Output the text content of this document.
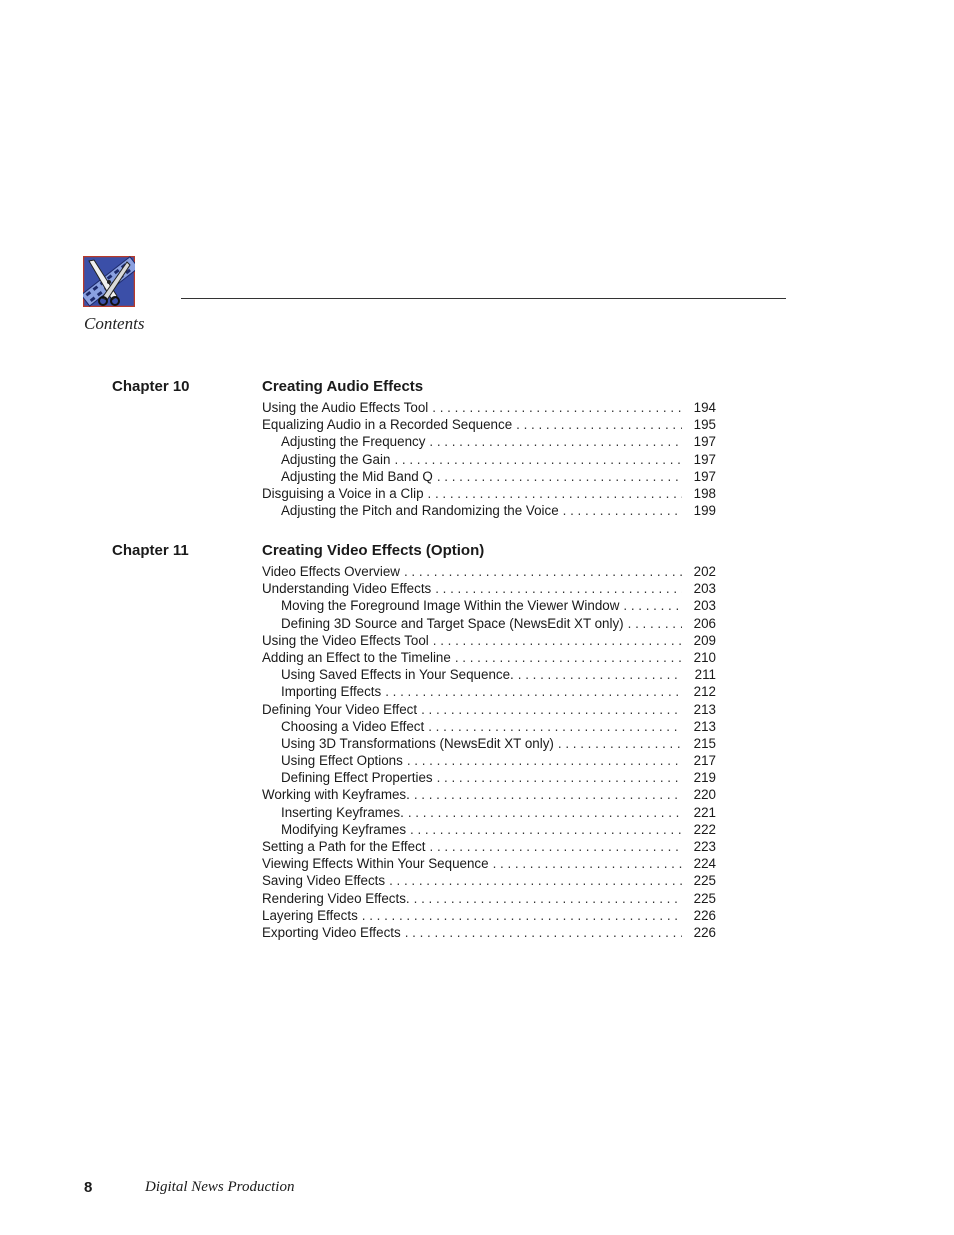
Contents
Chapter 10	Creating Audio Effects
Using the Audio Effects Tool . . .	194
Equalizing Audio in a Recorded Sequence . . .	195
Adjusting the Frequency . . .	197
Adjusting the Gain . . .	197
Adjusting the Mid Band Q . . .	197
Disguising a Voice in a Clip . . .	198
Adjusting the Pitch and Randomizing the Voice . . .	199
Chapter 11	Creating Video Effects (Option)
Video Effects Overview . . .	202
Understanding Video Effects . . .	203
Moving the Foreground Image Within the Viewer Window . . .	203
Defining 3D Source and Target Space (NewsEdit XT only) . . .	206
Using the Video Effects Tool . . .	209
Adding an Effect to the Timeline . . .	210
Using Saved Effects in Your Sequence. . . .	211
Importing Effects . . .	212
Defining Your Video Effect . . .	213
Choosing a Video Effect . . .	213
Using 3D Transformations (NewsEdit XT only) . . .	215
Using Effect Options . . .	217
Defining Effect Properties . . .	219
Working with Keyframes. . . .	220
Inserting Keyframes. . . .	221
Modifying Keyframes . . .	222
Setting a Path for the Effect . . .	223
Viewing Effects Within Your Sequence . . .	224
Saving Video Effects . . .	225
Rendering Video Effects. . . .	225
Layering Effects . . .	226
Exporting Video Effects . . .	226
8	Digital News Production
